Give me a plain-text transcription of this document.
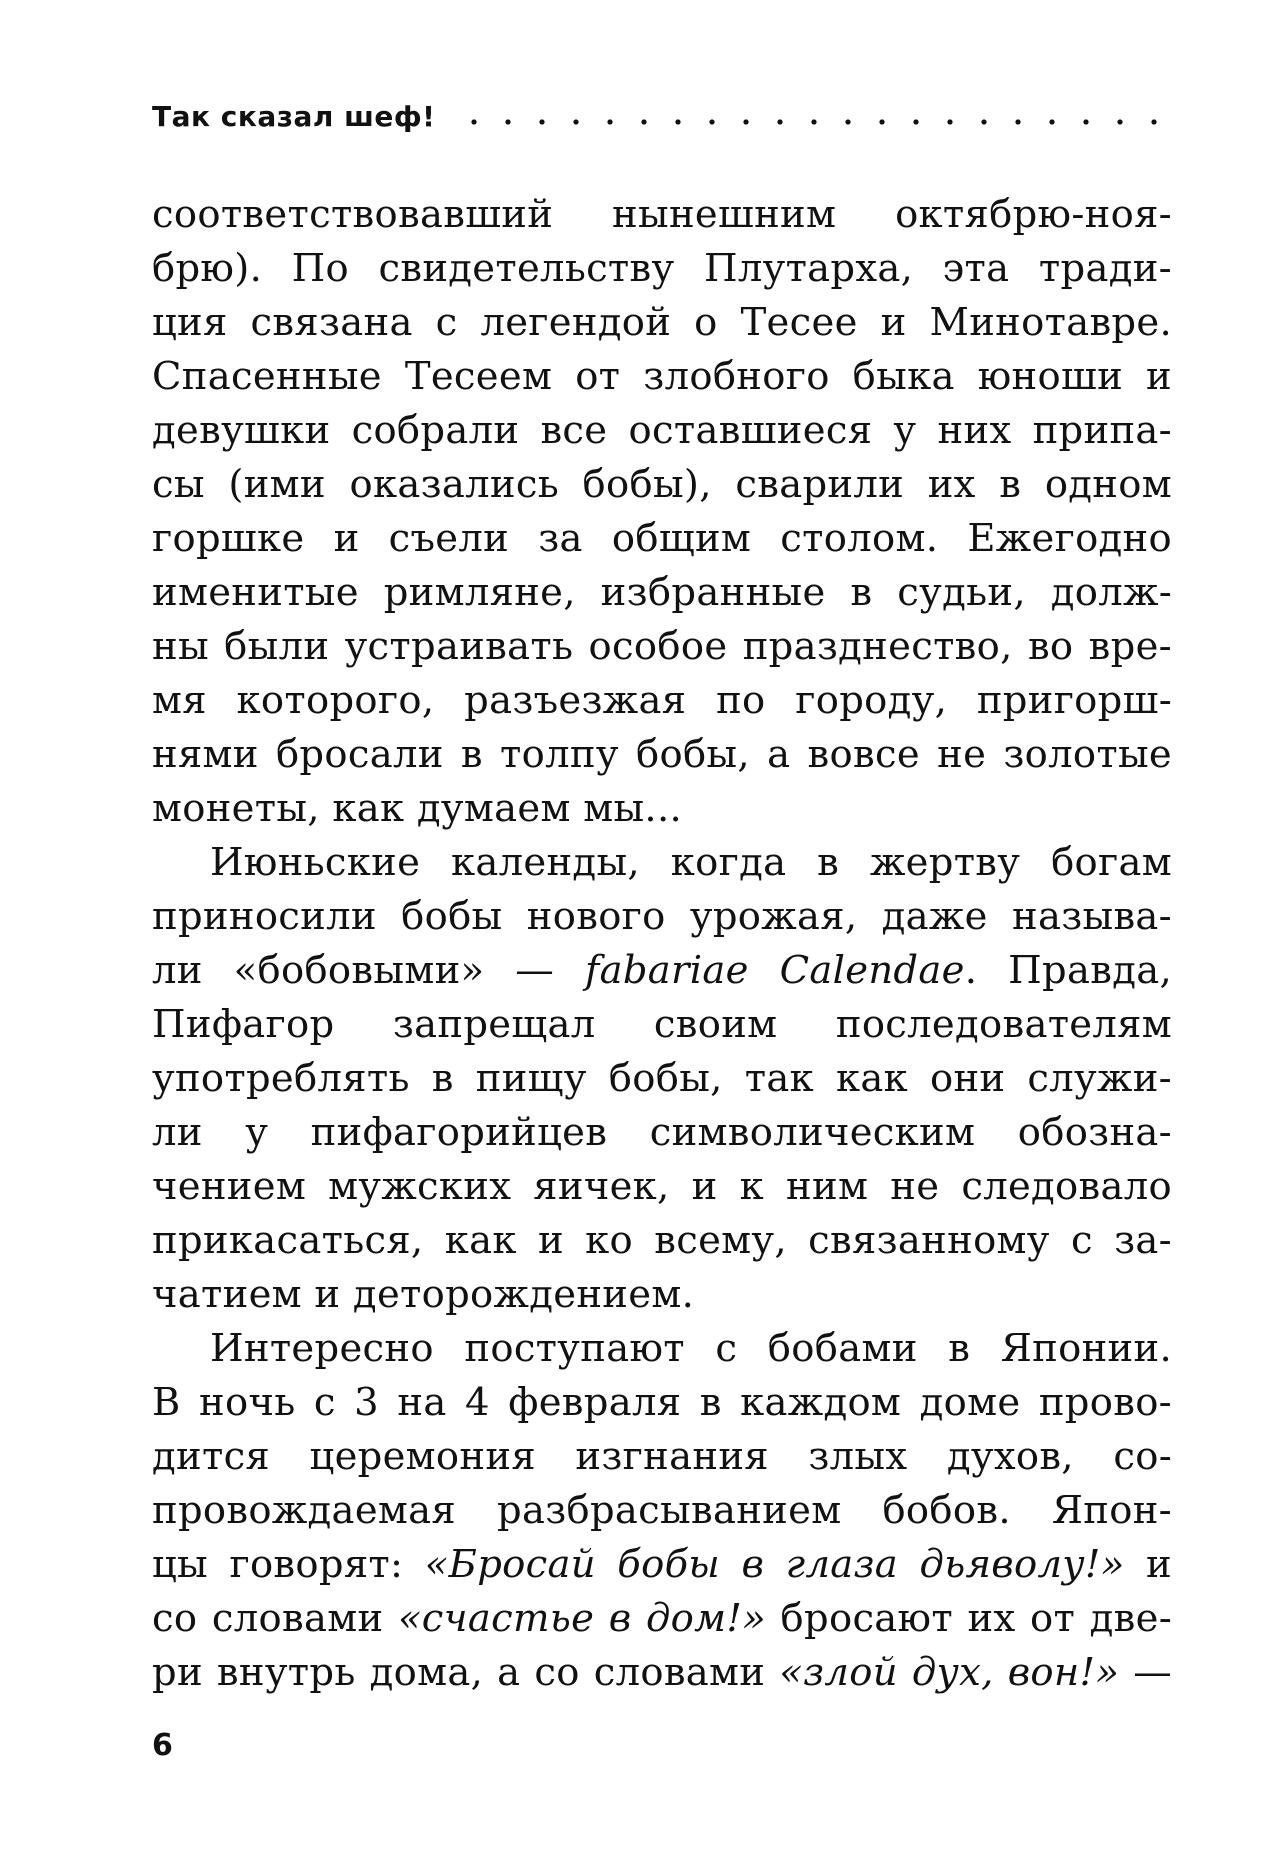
Так сказал шеф!
соответствовавший нынешним октябрю-ноя-
брю). По свидетельству Плутарха, эта тради-
ция связана с легендой о Тесее и Минотавре.
Спасенные Тесеем от злобного быка юноши и
девушки собрали все оставшиеся у них припа-
сы (ими оказались бобы), сварили их в одном
горшке и съели за общим столом. Ежегодно
именитые римляне, избранные в судьи, долж-
ны были устраивать особое празднество, во вре-
мя которого, разъезжая по городу, пригорш-
нями бросали в толпу бобы, а вовсе не золотые
монеты, как думаем мы...
Июньские календы, когда в жертву богам
приносили бобы нового урожая, даже называ-
ли «бобовыми» — fabariae Calendae. Правда,
Пифагор запрещал своим последователям
употреблять в пищу бобы, так как они служи-
ли у пифагорийцев символическим обозна-
чением мужских яичек, и к ним не следовало
прикасаться, как и ко всему, связанному с за-
чатием и деторождением.
Интересно поступают с бобами в Японии.
В ночь с 3 на 4 февраля в каждом доме прово-
дится церемония изгнания злых духов, со-
провождаемая разбрасыванием бобов. Япон-
цы говорят: «Бросай бобы в глаза дьяволу!» и
со словами «счастье в дом!» бросают их от две-
ри внутрь дома, а со словами «злой дух, вон!» —
6
